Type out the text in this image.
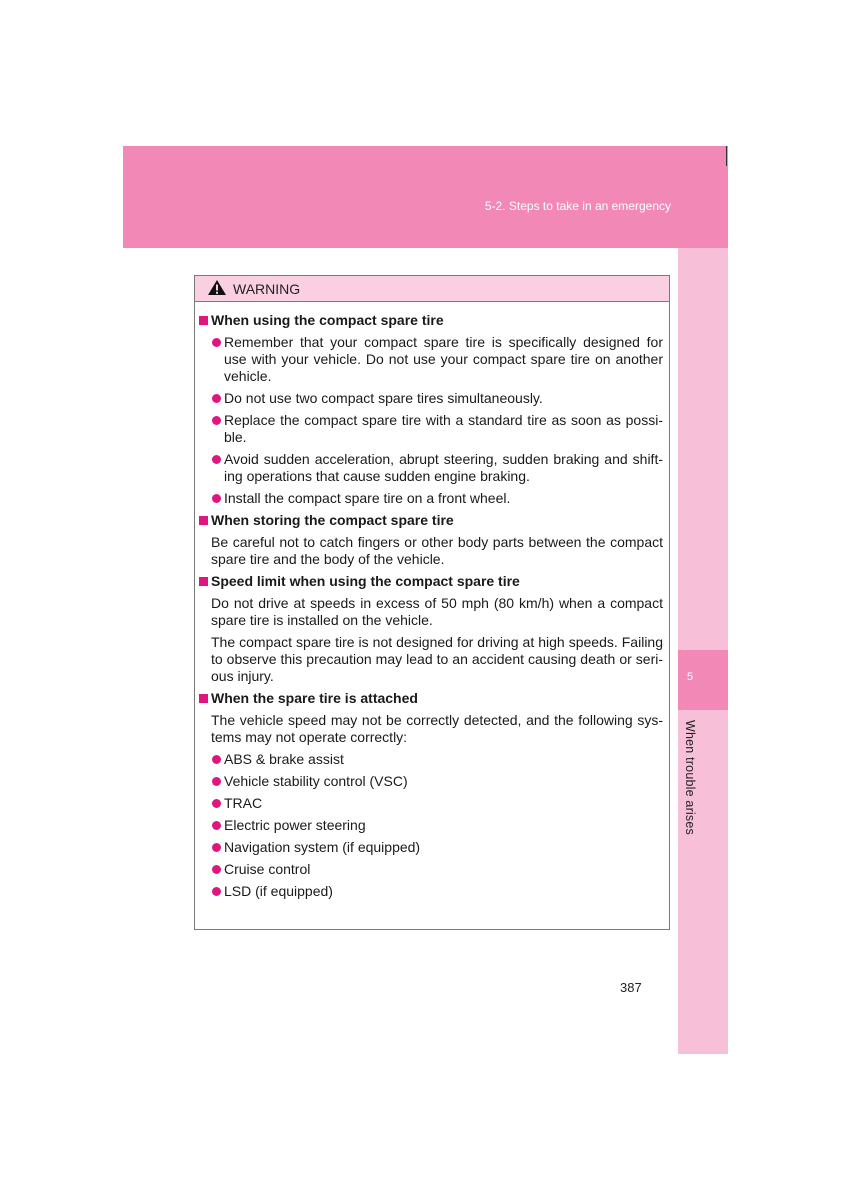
5-2. Steps to take in an emergency
5
When trouble arises
WARNING
When using the compact spare tire
Remember that your compact spare tire is specifically designed for use with your vehicle. Do not use your compact spare tire on another vehicle.
Do not use two compact spare tires simultaneously.
Replace the compact spare tire with a standard tire as soon as possi-ble.
Avoid sudden acceleration, abrupt steering, sudden braking and shift-ing operations that cause sudden engine braking.
Install the compact spare tire on a front wheel.
When storing the compact spare tire
Be careful not to catch fingers or other body parts between the compact spare tire and the body of the vehicle.
Speed limit when using the compact spare tire
Do not drive at speeds in excess of 50 mph (80 km/h) when a compact spare tire is installed on the vehicle.
The compact spare tire is not designed for driving at high speeds. Failing to observe this precaution may lead to an accident causing death or seri-ous injury.
When the spare tire is attached
The vehicle speed may not be correctly detected, and the following sys-tems may not operate correctly:
ABS & brake assist
Vehicle stability control (VSC)
TRAC
Electric power steering
Navigation system (if equipped)
Cruise control
LSD (if equipped)
387
